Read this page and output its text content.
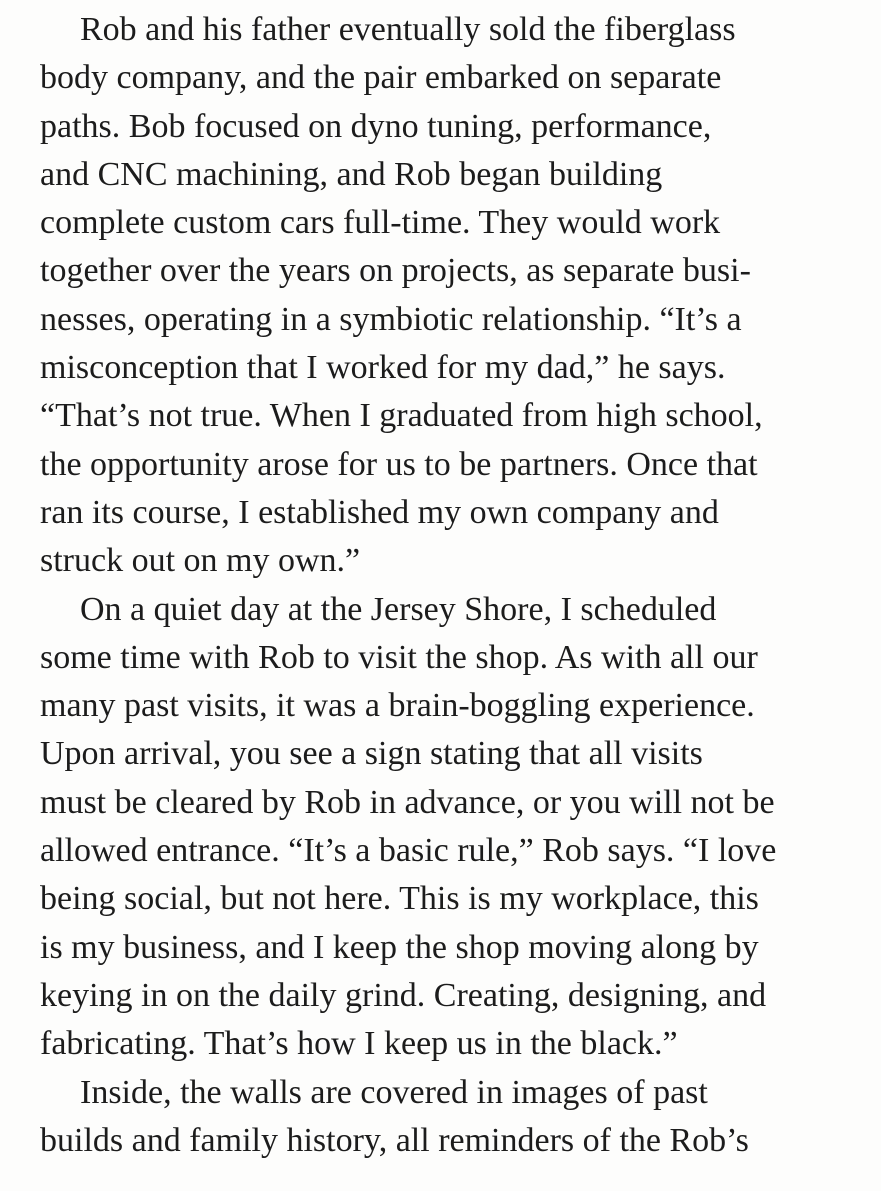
Rob and his father eventually sold the fiberglass
body company, and the pair embarked on separate
paths. Bob focused on dyno tuning, performance,
and CNC machining, and Rob began building
complete custom cars full-time. They would work
together over the years on projects, as separate busi-
nesses, operating in a symbiotic relationship. “It’s a
misconception that I worked for my dad,” he says.
“That’s not true. When I graduated from high school,
the opportunity arose for us to be partners. Once that
ran its course, I established my own company and
struck out on my own.”

On a quiet day at the Jersey Shore, I scheduled
some time with Rob to visit the shop. As with all our
many past visits, it was a brain-boggling experience.
Upon arrival, you see a sign stating that all visits
must be cleared by Rob in advance, or you will not be
allowed entrance. “It’s a basic rule,” Rob says. “I love
being social, but not here. This is my workplace, this
is my business, and I keep the shop moving along by
keying in on the daily grind. Creating, designing, and
fabricating. That’s how I keep us in the black.”

Inside, the walls are covered in images of past
builds and family history, all reminders of the Rob’s
